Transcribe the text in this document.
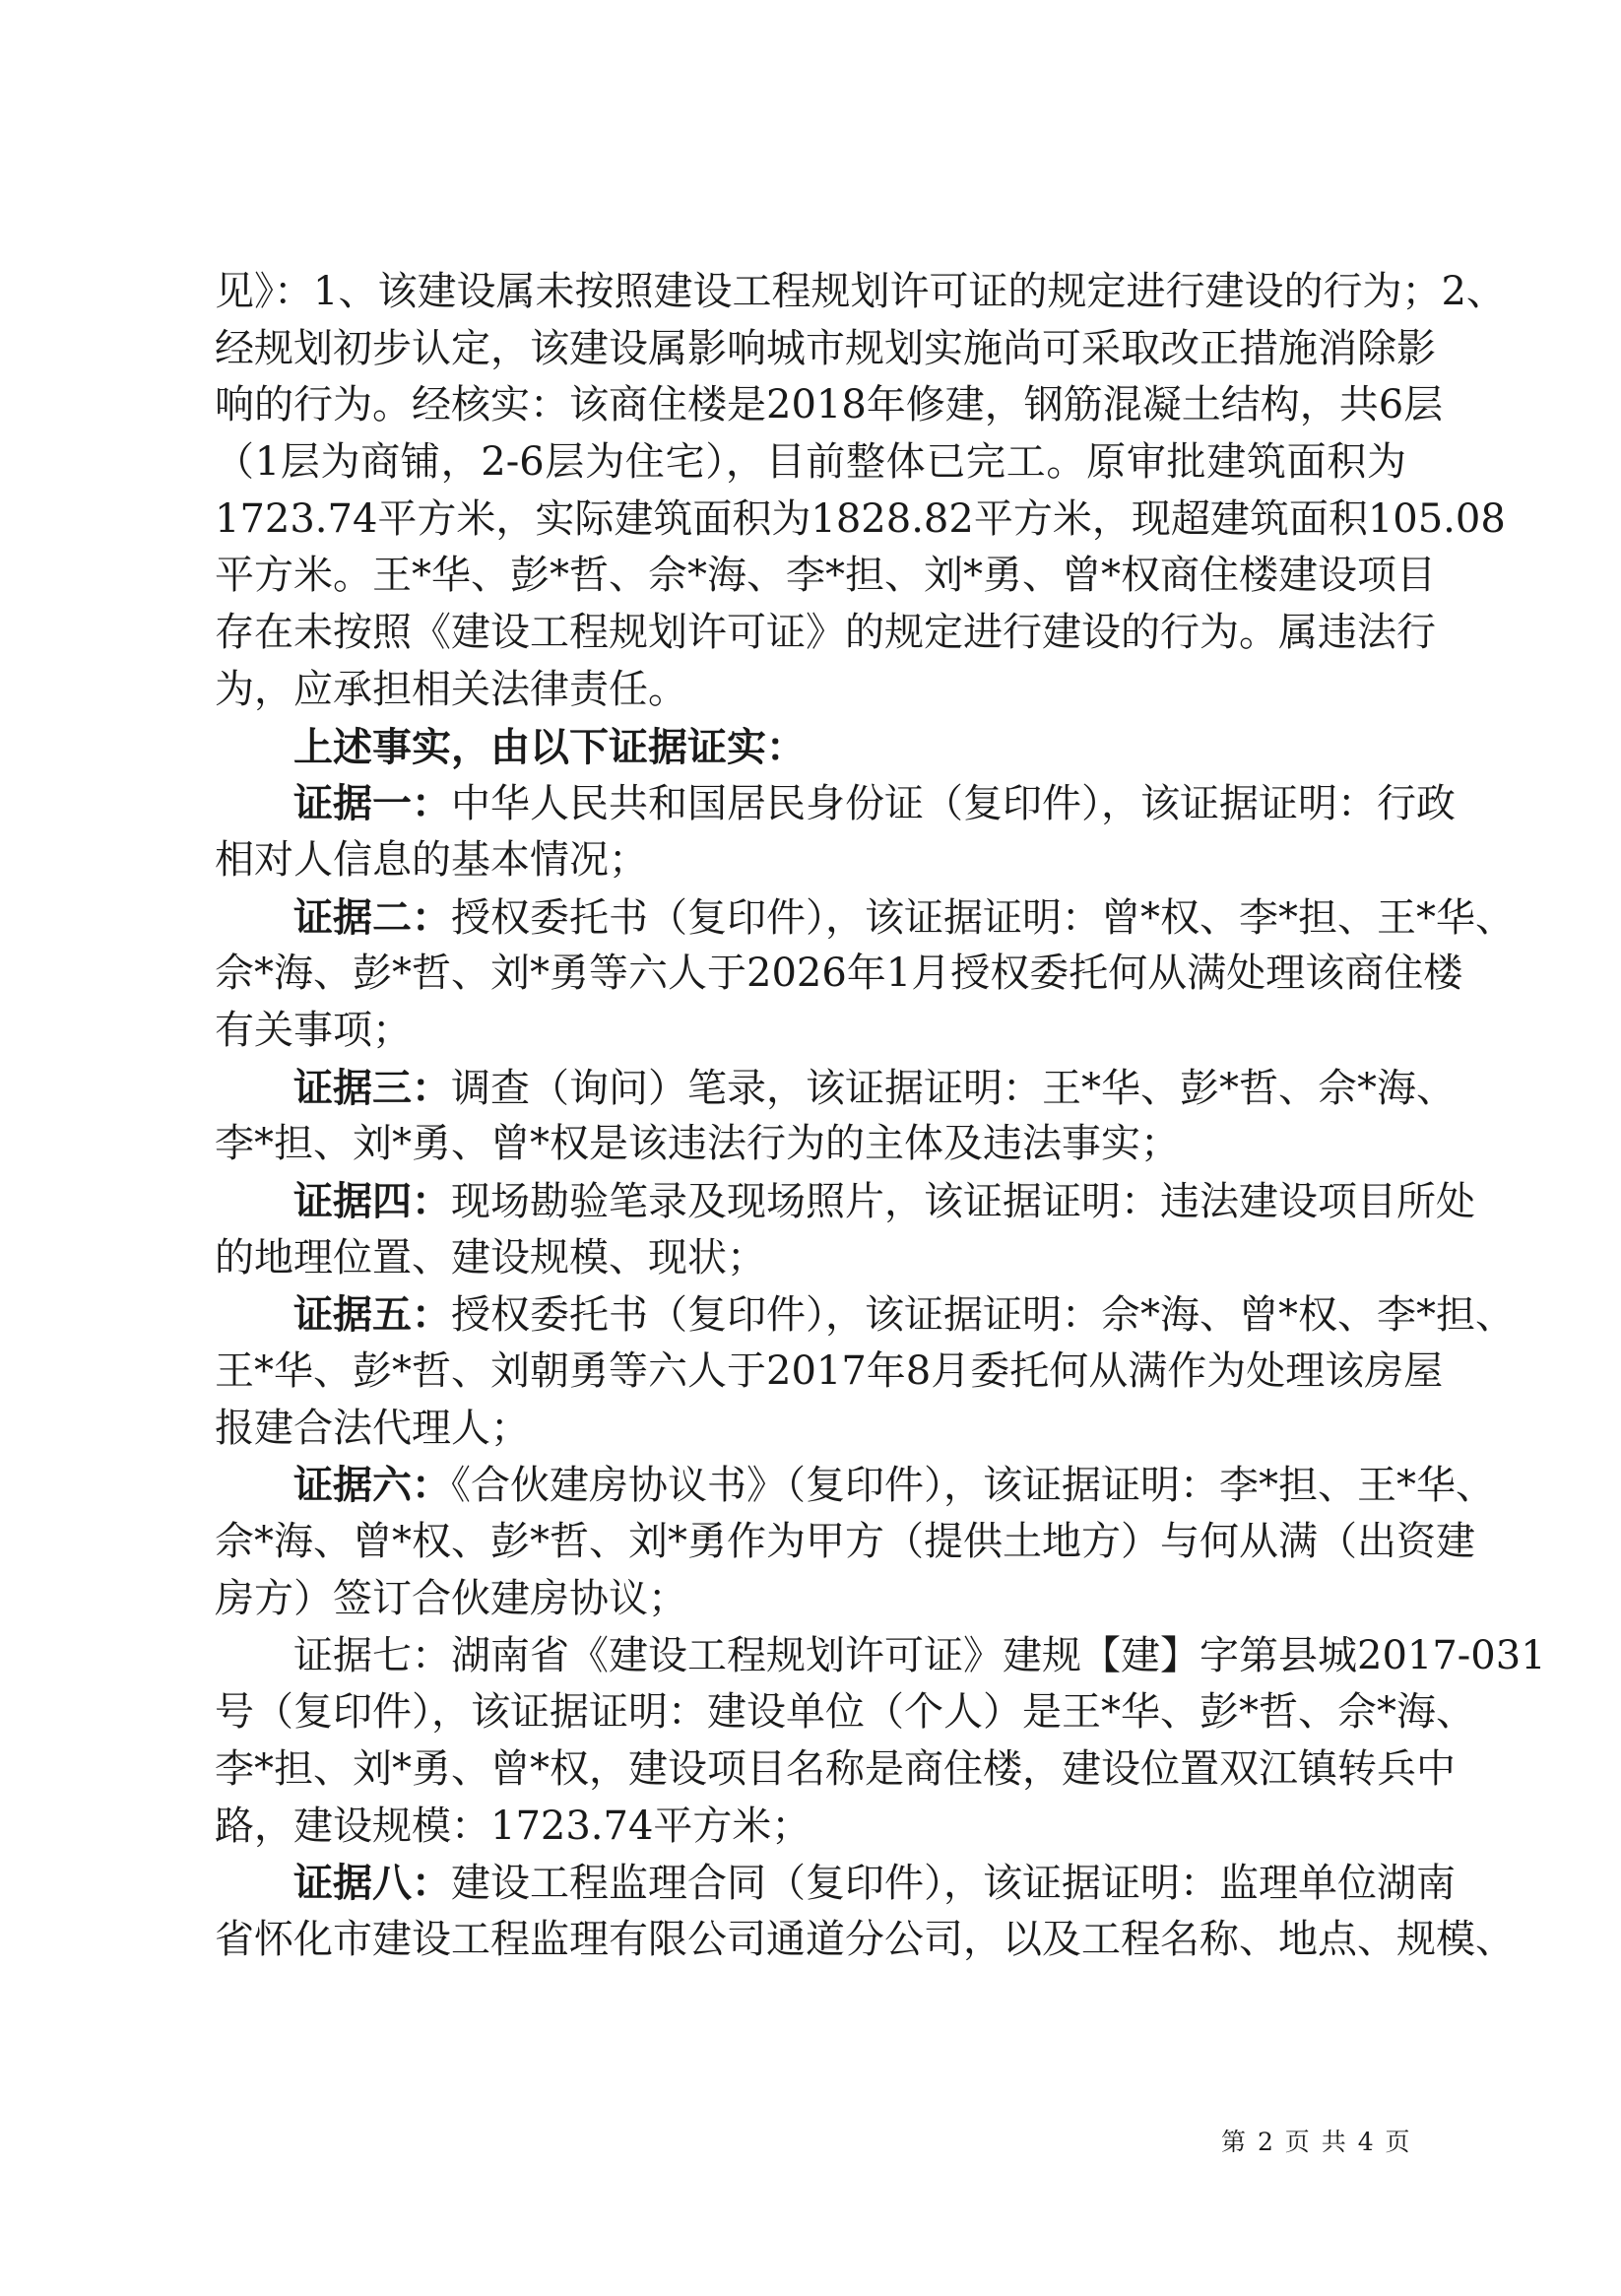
见》：1、该建设属未按照建设工程规划许可证的规定进行建设的行为；2、
经规划初步认定，该建设属影响城市规划实施尚可采取改正措施消除影
响的行为。经核实：该商住楼是2018年修建，钢筋混凝土结构，共6层
（1层为商铺，2-6层为住宅），目前整体已完工。原审批建筑面积为
1723.74平方米，实际建筑面积为1828.82平方米，现超建筑面积105.08
平方米。王*华、彭*哲、佘*海、李*担、刘*勇、曾*权商住楼建设项目
存在未按照《建设工程规划许可证》的规定进行建设的行为。属违法行
为，应承担相关法律责任。
上述事实，由以下证据证实：
证据一：中华人民共和国居民身份证（复印件），该证据证明：行政
相对人信息的基本情况；
证据二：授权委托书（复印件），该证据证明：曾*权、李*担、王*华、
佘*海、彭*哲、刘*勇等六人于2026年1月授权委托何从满处理该商住楼
有关事项；
证据三：调查（询问）笔录，该证据证明：王*华、彭*哲、佘*海、
李*担、刘*勇、曾*权是该违法行为的主体及违法事实；
证据四：现场勘验笔录及现场照片，该证据证明：违法建设项目所处
的地理位置、建设规模、现状；
证据五：授权委托书（复印件），该证据证明：佘*海、曾*权、李*担、
王*华、彭*哲、刘朝勇等六人于2017年8月委托何从满作为处理该房屋
报建合法代理人；
证据六：《合伙建房协议书》（复印件），该证据证明：李*担、王*华、
佘*海、曾*权、彭*哲、刘*勇作为甲方（提供土地方）与何从满（出资建
房方）签订合伙建房协议；
证据七：湖南省《建设工程规划许可证》建规【建】字第县城2017-031
号（复印件），该证据证明：建设单位（个人）是王*华、彭*哲、佘*海、
李*担、刘*勇、曾*权，建设项目名称是商住楼，建设位置双江镇转兵中
路，建设规模：1723.74平方米；
证据八：建设工程监理合同（复印件），该证据证明：监理单位湖南
省怀化市建设工程监理有限公司通道分公司，以及工程名称、地点、规模、
第 2 页 共 4 页
